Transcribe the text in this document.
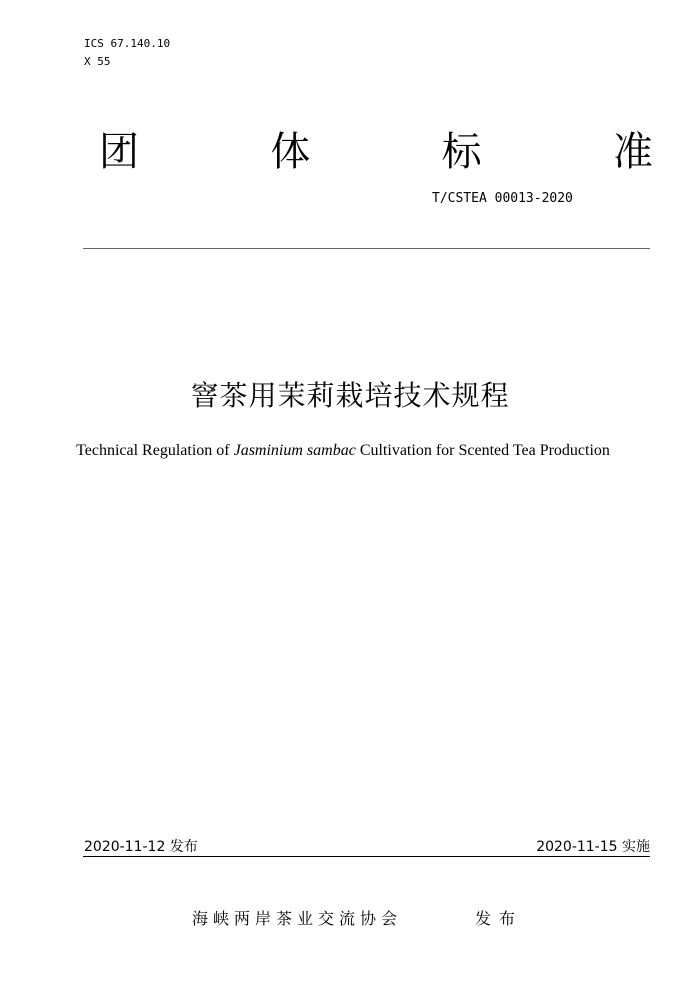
ICS 67.140.10
X 55
团	体	标	准
T/CSTEA 00013-2020
窨茶用茉莉栽培技术规程
Technical Regulation of Jasminium sambac Cultivation for Scented Tea Production
2020-11-12 发布	2020-11-15 实施
海峡两岸茶业交流协会	发布
